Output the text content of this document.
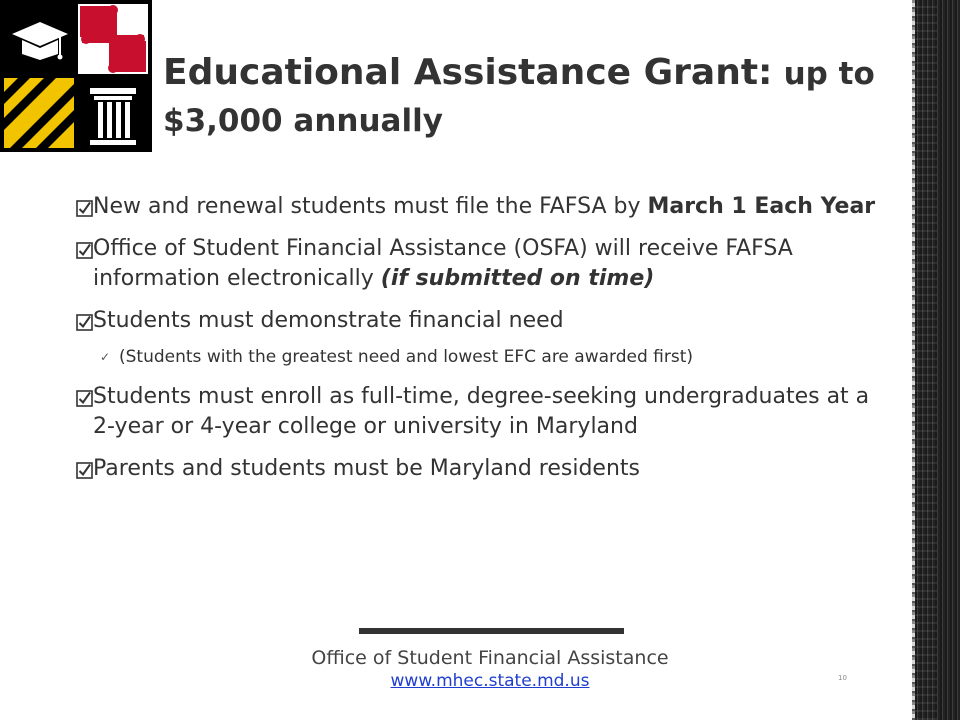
Educational Assistance Grant: up to $3,000 annually
New and renewal students must file the FAFSA by March 1 Each Year
Office of Student Financial Assistance (OSFA) will receive FAFSA information electronically (if submitted on time)
Students must demonstrate financial need
✓ (Students with the greatest need and lowest EFC are awarded first)
Students must enroll as full-time, degree-seeking undergraduates at a 2-year or 4-year college or university in Maryland
Parents and students must be Maryland residents
Office of Student Financial Assistance
www.mhec.state.md.us	10
